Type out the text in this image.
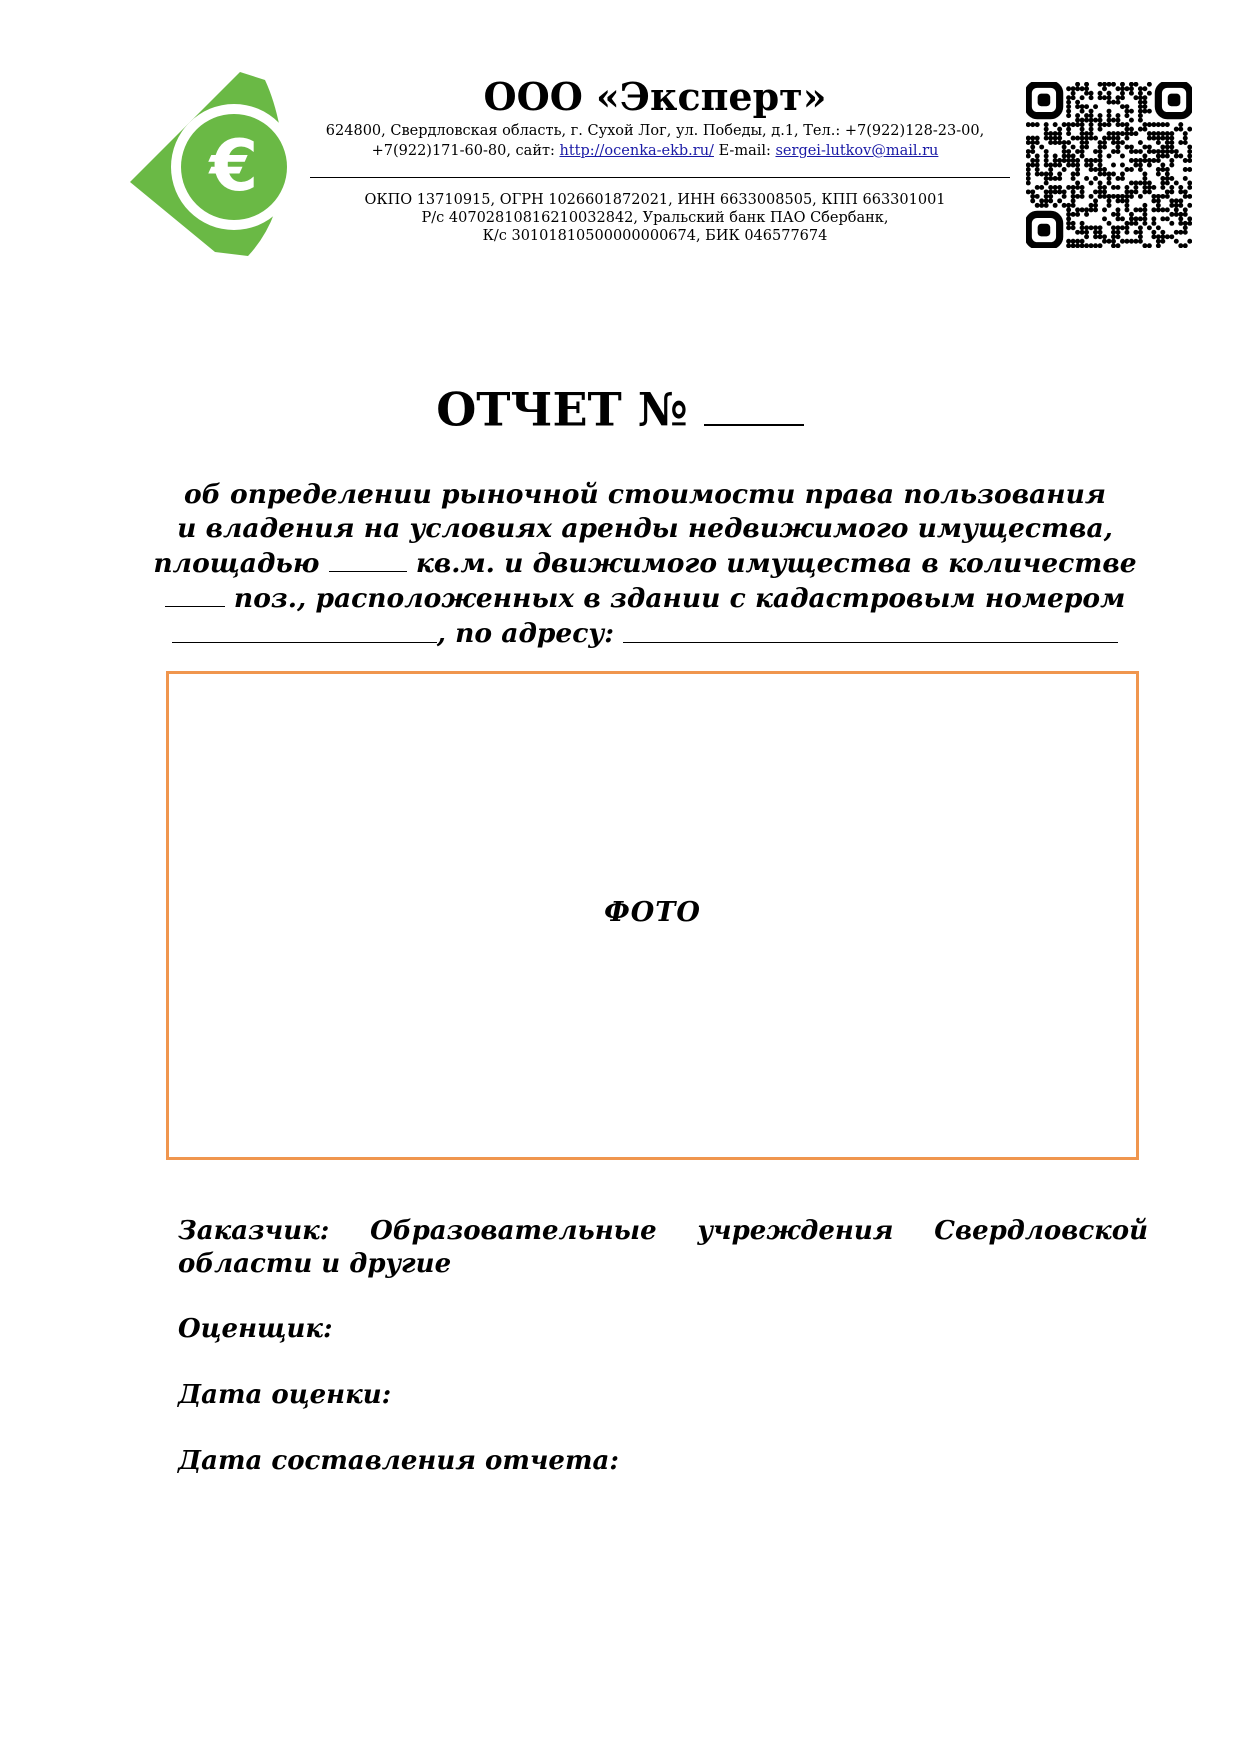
€
ООО «Эксперт»
624800, Свердловская область, г. Сухой Лог, ул. Победы, д.1, Тел.: +7(922)128-23-00,
+7(922)171-60-80, сайт: http://ocenka-ekb.ru/ E-mail: sergei-lutkov@mail.ru
ОКПО 13710915, ОГРН 1026601872021, ИНН 6633008505, КПП 663301001
Р/с 40702810816210032842, Уральский банк ПАО Сбербанк,
К/с 30101810500000000674, БИК 046577674
ОТЧЕТ №
об определении рыночной стоимости права пользования
и владения на условиях аренды недвижимого имущества,
площадью	кв.м. и движимого имущества в количестве
поз., расположенных в здании с кадастровым номером
, по адресу:
ФОТО
Заказчик: Образовательные учреждения Свердловской
области и другие
Оценщик:
Дата оценки:
Дата составления отчета:
